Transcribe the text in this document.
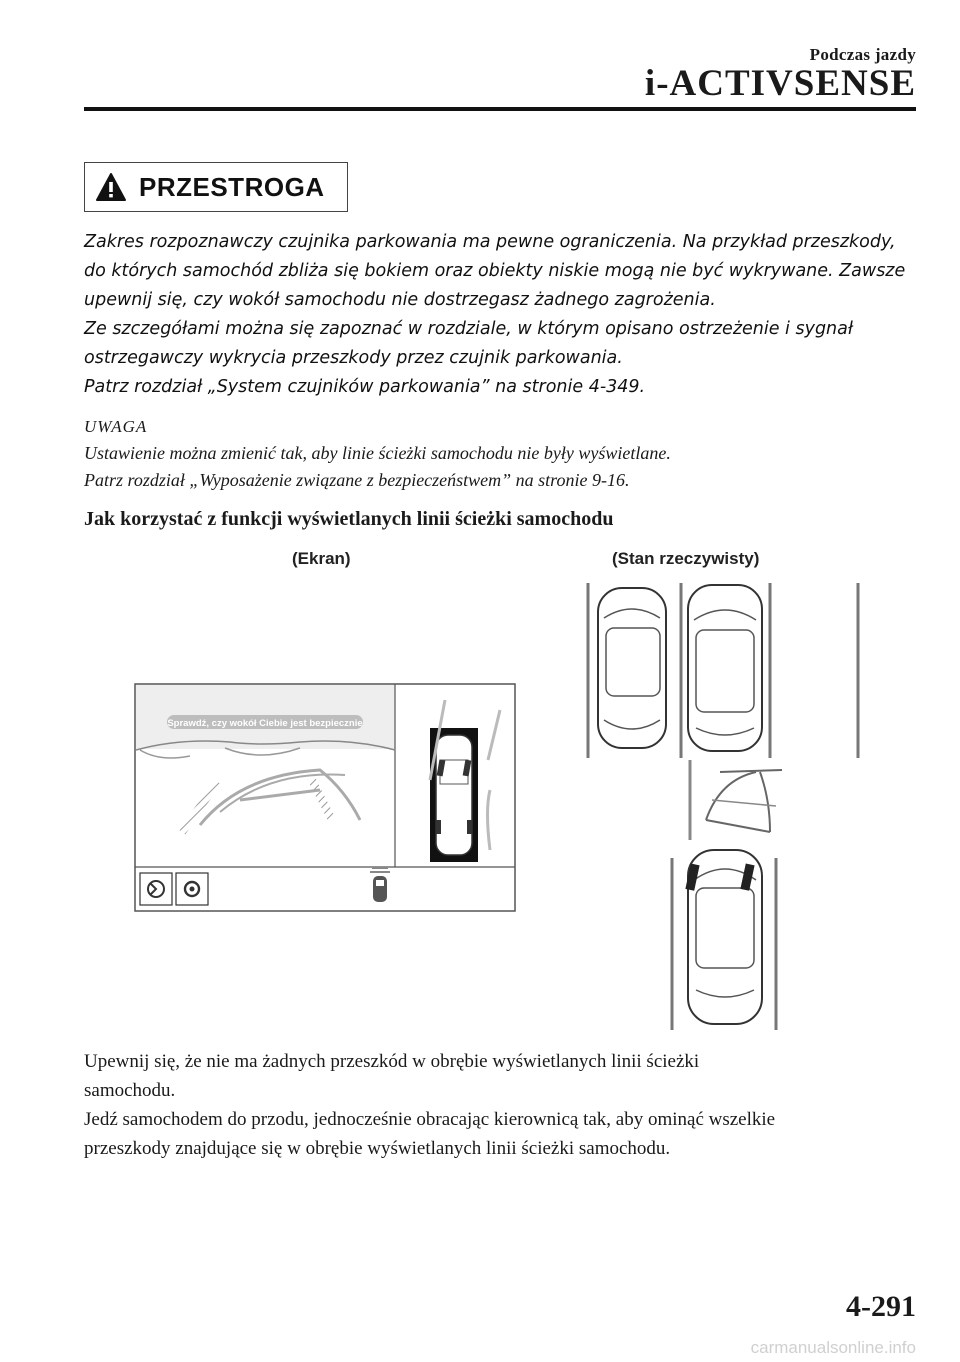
Podczas jazdy
i-ACTIVSENSE
PRZESTROGA
Zakres rozpoznawczy czujnika parkowania ma pewne ograniczenia. Na przykład przeszkody,
do których samochód zbliża się bokiem oraz obiekty niskie mogą nie być wykrywane. Zawsze
upewnij się, czy wokół samochodu nie dostrzegasz żadnego zagrożenia.
Ze szczegółami można się zapoznać w rozdziale, w którym opisano ostrzeżenie i sygnał
ostrzegawczy wykrycia przeszkody przez czujnik parkowania.
Patrz rozdział „System czujników parkowania” na stronie 4-349.
UWAGA
Ustawienie można zmienić tak, aby linie ścieżki samochodu nie były wyświetlane.
Patrz rozdział „Wyposażenie związane z bezpieczeństwem” na stronie 9-16.
Jak korzystać z funkcji wyświetlanych linii ścieżki samochodu
(Ekran)	(Stan rzeczywisty)
Sprawdź, czy wokół Ciebie jest bezpiecznie
Upewnij się, że nie ma żadnych przeszkód w obrębie wyświetlanych linii ścieżki
samochodu.
Jedź samochodem do przodu, jednocześnie obracając kierownicą tak, aby ominąć wszelkie
przeszkody znajdujące się w obrębie wyświetlanych linii ścieżki samochodu.
4-291
carmanualsonline.info
